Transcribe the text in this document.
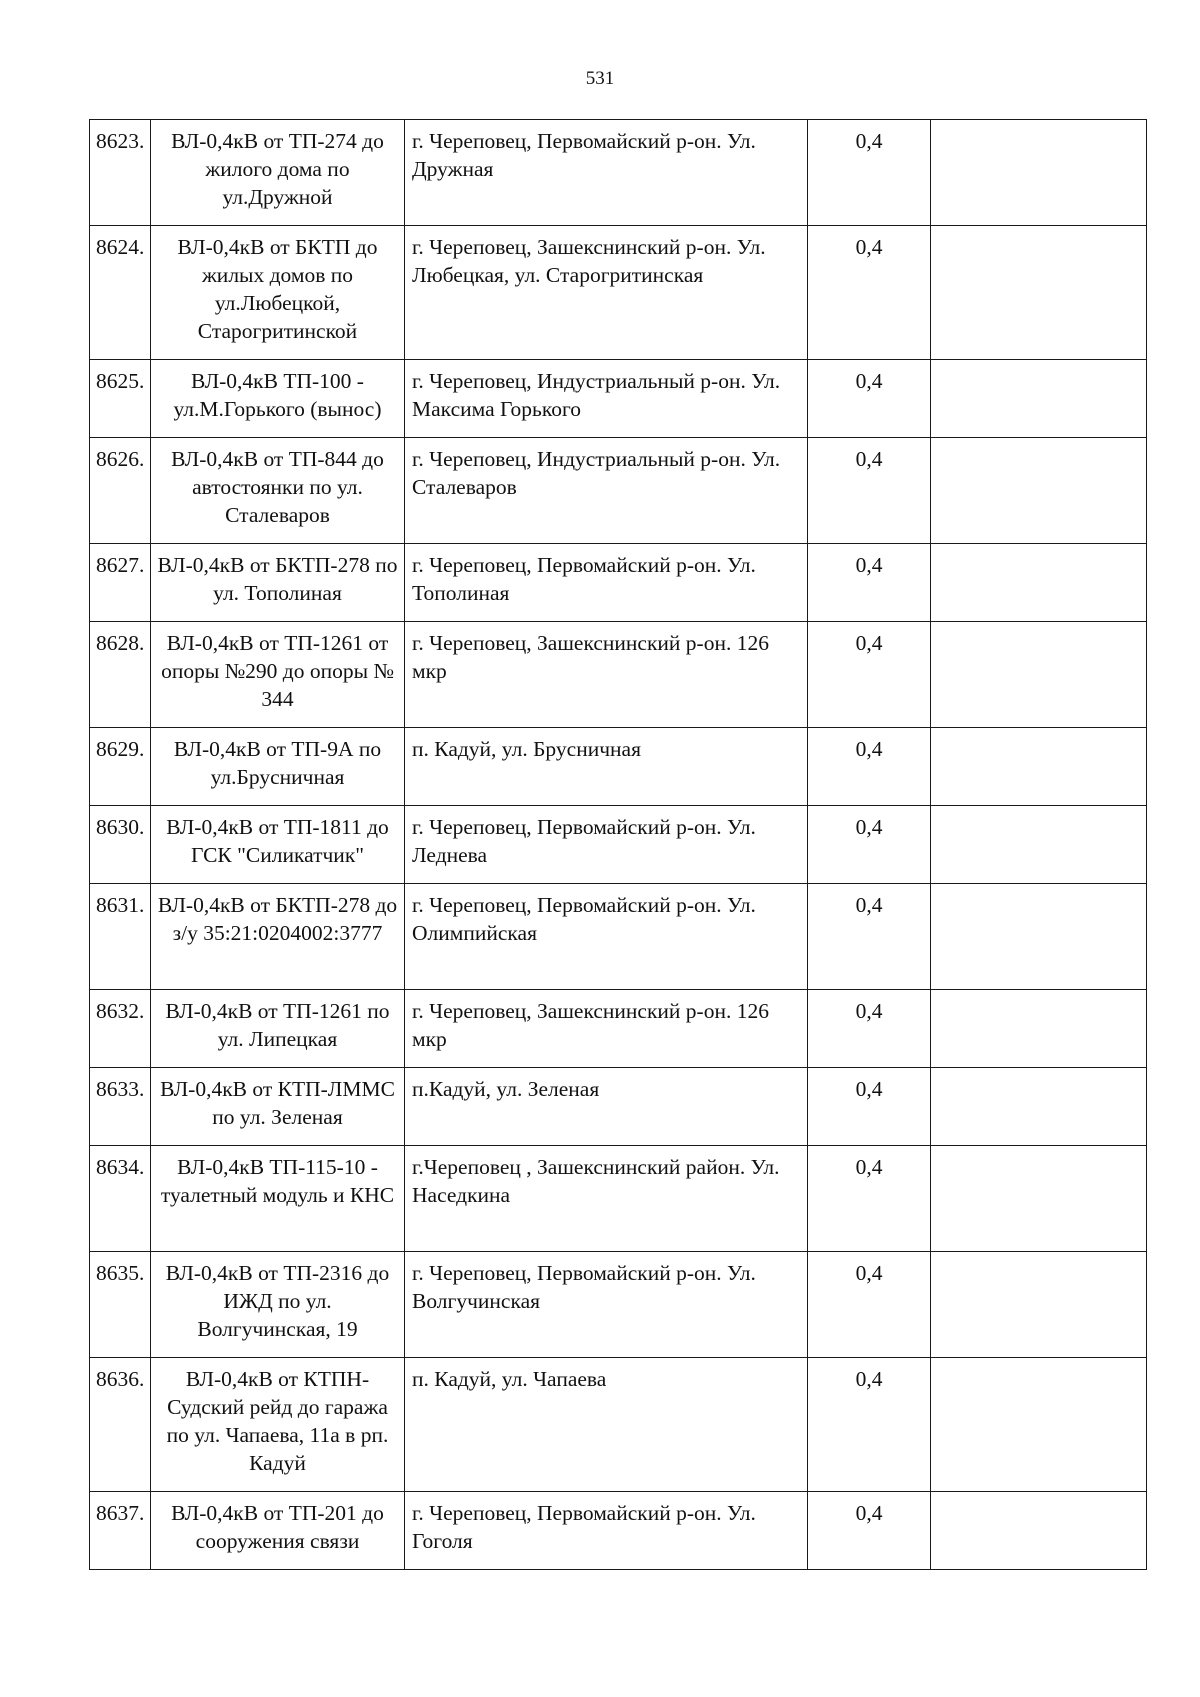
531
8623.	ВЛ-0,4кВ от ТП-274 до жилого дома по ул.Дружной	г. Череповец, Первомайский р-он. Ул. Дружная	0,4	
8624.	ВЛ-0,4кВ от БКТП до жилых домов по ул.Любецкой, Старогритинской	г. Череповец, Зашекснинский р-он. Ул. Любецкая, ул. Старогритинская	0,4	
8625.	ВЛ-0,4кВ ТП-100 - ул.М.Горького (вынос)	г. Череповец, Индустриальный р-он. Ул. Максима Горького	0,4	
8626.	ВЛ-0,4кВ от ТП-844 до автостоянки по ул. Сталеваров	г. Череповец, Индустриальный р-он. Ул. Сталеваров	0,4	
8627.	ВЛ-0,4кВ от БКТП-278 по ул. Тополиная	г. Череповец, Первомайский р-он. Ул. Тополиная	0,4	
8628.	ВЛ-0,4кВ от ТП-1261 от опоры №290 до опоры № 344	г. Череповец, Зашекснинский р-он. 126 мкр	0,4	
8629.	ВЛ-0,4кВ от ТП-9А по ул.Брусничная	п. Кадуй, ул. Брусничная	0,4	
8630.	ВЛ-0,4кВ от ТП-1811 до ГСК "Силикатчик"	г. Череповец, Первомайский р-он. Ул. Леднева	0,4	
8631.	ВЛ-0,4кВ от БКТП-278 до з/у 35:21:0204002:3777	г. Череповец, Первомайский р-он. Ул. Олимпийская	0,4	
8632.	ВЛ-0,4кВ от ТП-1261 по ул. Липецкая	г. Череповец, Зашекснинский р-он. 126 мкр	0,4	
8633.	ВЛ-0,4кВ от КТП-ЛММС по ул. Зеленая	п.Кадуй, ул. Зеленая	0,4	
8634.	ВЛ-0,4кВ ТП-115-10 - туалетный модуль и КНС	г.Череповец , Зашекснинский район. Ул. Наседкина	0,4	
8635.	ВЛ-0,4кВ от ТП-2316 до ИЖД по ул. Волгучинская, 19	г. Череповец, Первомайский р-он. Ул. Волгучинская	0,4	
8636.	ВЛ-0,4кВ от КТПН-Судский рейд до гаража по ул. Чапаева, 11а в рп. Кадуй	п. Кадуй, ул. Чапаева	0,4	
8637.	ВЛ-0,4кВ от ТП-201 до сооружения связи	г. Череповец, Первомайский р-он. Ул. Гоголя	0,4	
